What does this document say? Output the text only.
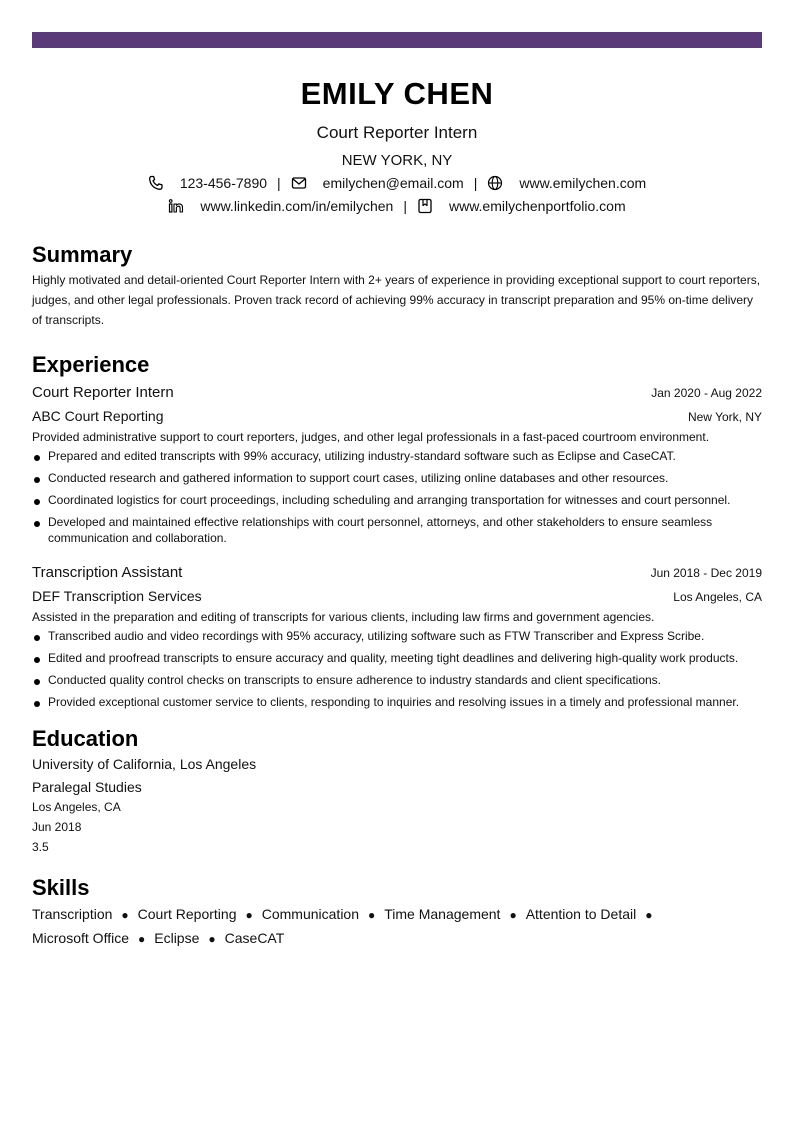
EMILY CHEN
Court Reporter Intern
NEW YORK, NY
123-456-7890 |	emilychen@email.com |	www.emilychen.com
www.linkedin.com/in/emilychen |	www.emilychenportfolio.com
Summary
Highly motivated and detail-oriented Court Reporter Intern with 2+ years of experience in providing exceptional support to court reporters, judges, and other legal professionals. Proven track record of achieving 99% accuracy in transcript preparation and 95% on-time delivery of transcripts.
Experience
Court Reporter Intern	Jan 2020 - Aug 2022
ABC Court Reporting	New York, NY
Provided administrative support to court reporters, judges, and other legal professionals in a fast-paced courtroom environment.
Prepared and edited transcripts with 99% accuracy, utilizing industry-standard software such as Eclipse and CaseCAT.
Conducted research and gathered information to support court cases, utilizing online databases and other resources.
Coordinated logistics for court proceedings, including scheduling and arranging transportation for witnesses and court personnel.
Developed and maintained effective relationships with court personnel, attorneys, and other stakeholders to ensure seamless communication and collaboration.
Transcription Assistant	Jun 2018 - Dec 2019
DEF Transcription Services	Los Angeles, CA
Assisted in the preparation and editing of transcripts for various clients, including law firms and government agencies.
Transcribed audio and video recordings with 95% accuracy, utilizing software such as FTW Transcriber and Express Scribe.
Edited and proofread transcripts to ensure accuracy and quality, meeting tight deadlines and delivering high-quality work products.
Conducted quality control checks on transcripts to ensure adherence to industry standards and client specifications.
Provided exceptional customer service to clients, responding to inquiries and resolving issues in a timely and professional manner.
Education
University of California, Los Angeles
Paralegal Studies
Los Angeles, CA
Jun 2018
3.5
Skills
Transcription ● Court Reporting ● Communication ● Time Management ● Attention to Detail ●
Microsoft Office ● Eclipse ● CaseCAT
